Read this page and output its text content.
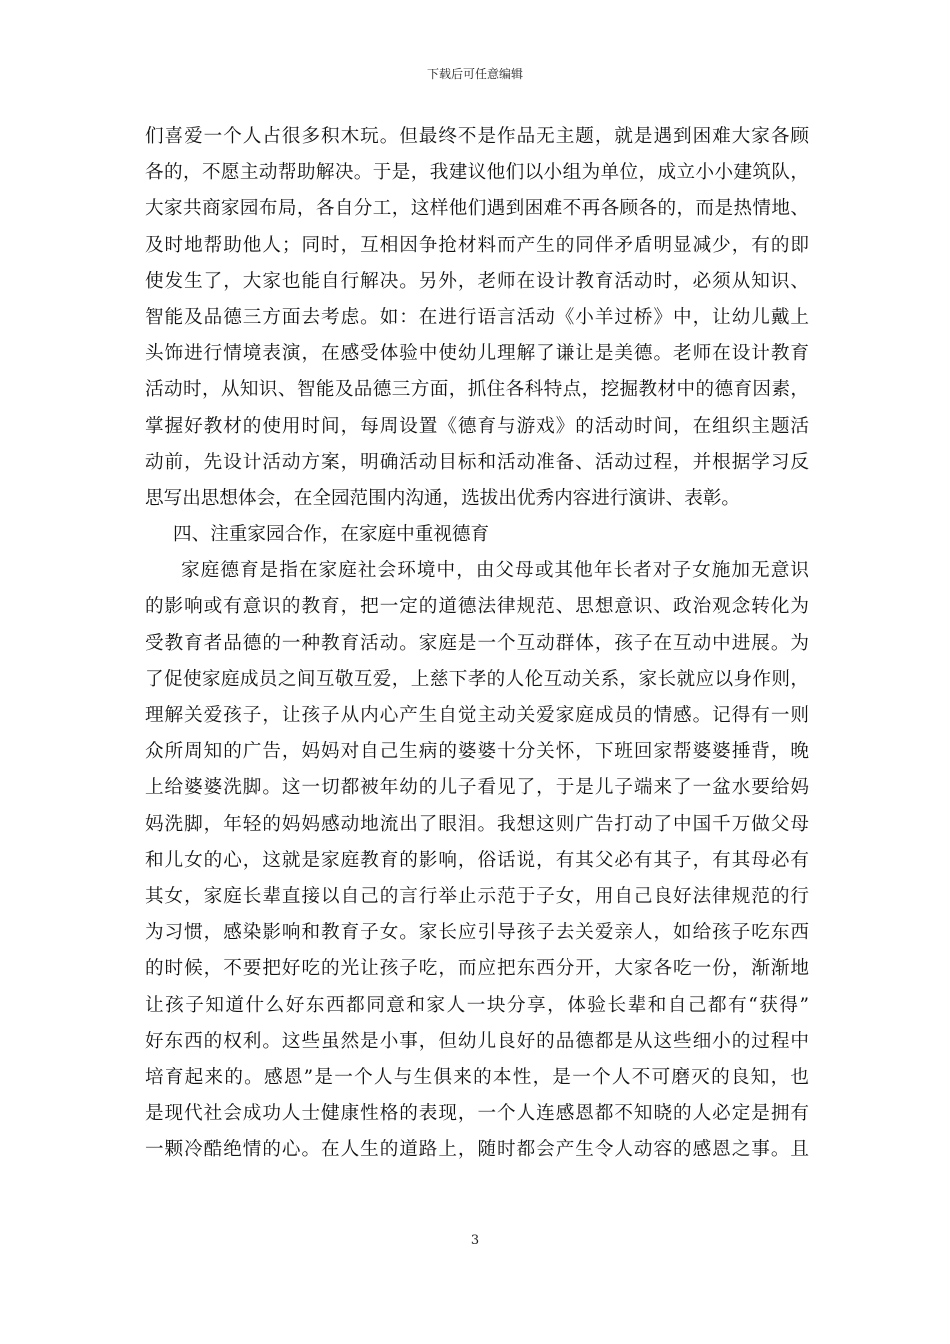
下载后可任意编辑
们喜爱一个人占很多积木玩。但最终不是作品无主题，就是遇到困难大家各顾
各的，不愿主动帮助解决。于是，我建议他们以小组为单位，成立小小建筑队，
大家共商家园布局，各自分工，这样他们遇到困难不再各顾各的，而是热情地、
及时地帮助他人；同时，互相因争抢材料而产生的同伴矛盾明显减少，有的即
使发生了，大家也能自行解决。另外，老师在设计教育活动时，必须从知识、
智能及品德三方面去考虑。如：在进行语言活动《小羊过桥》中，让幼儿戴上
头饰进行情境表演，在感受体验中使幼儿理解了谦让是美德。老师在设计教育
活动时，从知识、智能及品德三方面，抓住各科特点，挖掘教材中的德育因素，
掌握好教材的使用时间，每周设置《德育与游戏》的活动时间，在组织主题活
动前，先设计活动方案，明确活动目标和活动准备、活动过程，并根据学习反
思写出思想体会，在全园范围内沟通，选拔出优秀内容进行演讲、表彰。
四、注重家园合作，在家庭中重视德育
家庭德育是指在家庭社会环境中，由父母或其他年长者对子女施加无意识
的影响或有意识的教育，把一定的道德法律规范、思想意识、政治观念转化为
受教育者品德的一种教育活动。家庭是一个互动群体，孩子在互动中进展。为
了促使家庭成员之间互敬互爱，上慈下孝的人伦互动关系，家长就应以身作则，
理解关爱孩子，让孩子从内心产生自觉主动关爱家庭成员的情感。记得有一则
众所周知的广告，妈妈对自己生病的婆婆十分关怀，下班回家帮婆婆捶背，晚
上给婆婆洗脚。这一切都被年幼的儿子看见了，于是儿子端来了一盆水要给妈
妈洗脚，年轻的妈妈感动地流出了眼泪。我想这则广告打动了中国千万做父母
和儿女的心，这就是家庭教育的影响，俗话说，有其父必有其子，有其母必有
其女，家庭长辈直接以自己的言行举止示范于子女，用自己良好法律规范的行
为习惯，感染影响和教育子女。家长应引导孩子去关爱亲人，如给孩子吃东西
的时候，不要把好吃的光让孩子吃，而应把东西分开，大家各吃一份，渐渐地
让孩子知道什么好东西都同意和家人一块分享，体验长辈和自己都有“获得”
好东西的权利。这些虽然是小事，但幼儿良好的品德都是从这些细小的过程中
培育起来的。感恩”是一个人与生俱来的本性，是一个人不可磨灭的良知，也
是现代社会成功人士健康性格的表现，一个人连感恩都不知晓的人必定是拥有
一颗冷酷绝情的心。在人生的道路上，随时都会产生令人动容的感恩之事。且
3
